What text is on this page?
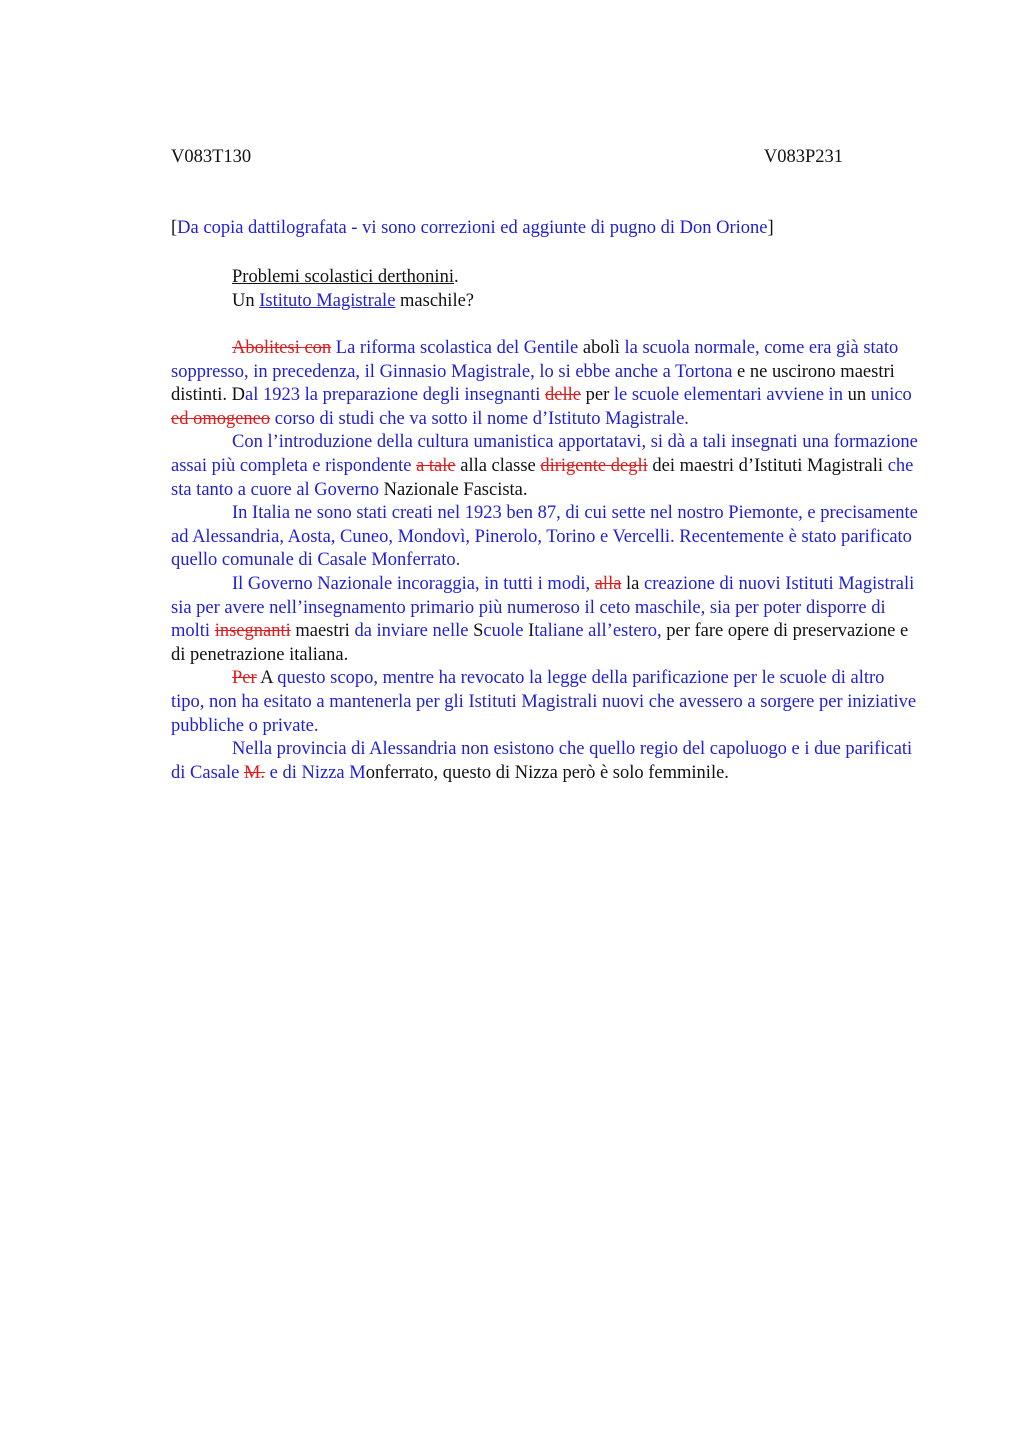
V083T130	V083P231
[Da copia dattilografata - vi sono correzioni ed aggiunte di pugno di Don Orione]
Problemi scolastici derthonini.
Un Istituto Magistrale maschile?

Abolitesi con La riforma scolastica del Gentile abolì la scuola normale, come era già stato soppresso, in precedenza, il Ginnasio Magistrale, lo si ebbe anche a Tortona e ne uscirono maestri distinti. Dal 1923 la preparazione degli insegnanti delle per le scuole elementari avviene in un unico ed omogeneo corso di studi che va sotto il nome d’Istituto Magistrale.

Con l’introduzione della cultura umanistica apportatavi, si dà a tali insegnati una formazione assai più completa e rispondente a tale alla classe dirigente degli dei maestri d’Istituti Magistrali che sta tanto a cuore al Governo Nazionale Fascista.

In Italia ne sono stati creati nel 1923 ben 87, di cui sette nel nostro Piemonte, e precisamente ad Alessandria, Aosta, Cuneo, Mondovì, Pinerolo, Torino e Vercelli. Recentemente è stato parificato quello comunale di Casale Monferrato.

Il Governo Nazionale incoraggia, in tutti i modi, alla la creazione di nuovi Istituti Magistrali sia per avere nell’insegnamento primario più numeroso il ceto maschile, sia per poter disporre di molti insegnanti maestri da inviare nelle Scuole Italiane all’estero, per fare opere di preservazione e di penetrazione italiana.

Per A questo scopo, mentre ha revocato la legge della parificazione per le scuole di altro tipo, non ha esitato a mantenerla per gli Istituti Magistrali nuovi che avessero a sorgere per iniziative pubbliche o private.

Nella provincia di Alessandria non esistono che quello regio del capoluogo e i due parificati di Casale M. e di Nizza Monferrato, questo di Nizza però è solo femminile.
